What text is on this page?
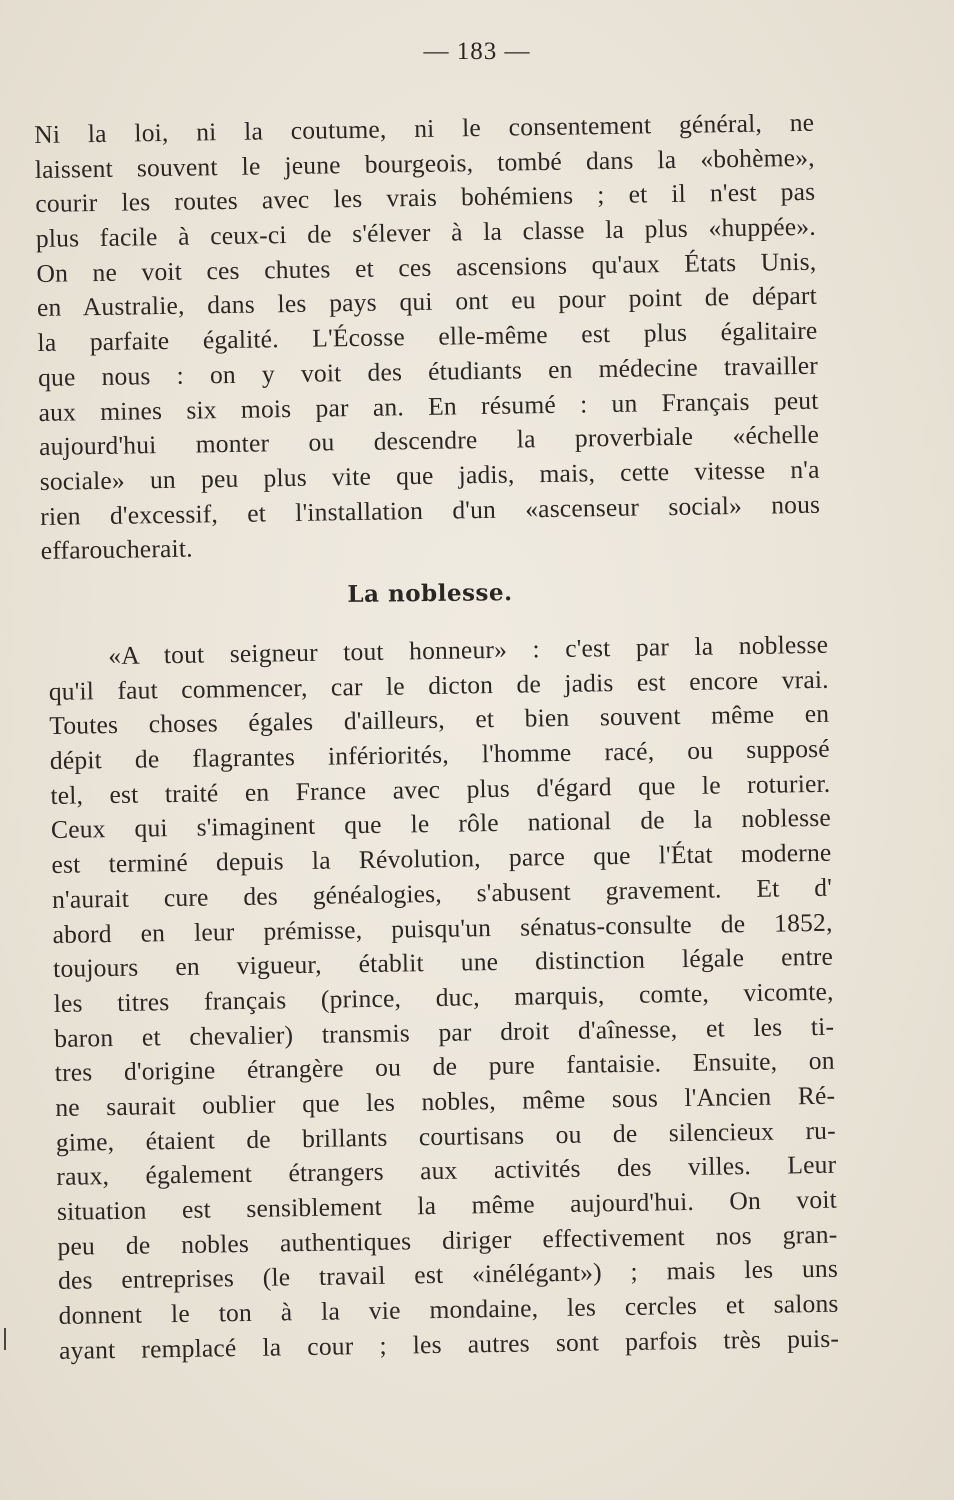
— 183 —
Ni la loi, ni la coutume, ni le consentement général, ne
laissent souvent le jeune bourgeois, tombé dans la «bohème»,
courir les routes avec les vrais bohémiens ; et il n'est pas
plus facile à ceux-ci de s'élever à la classe la plus «huppée».
On ne voit ces chutes et ces ascensions qu'aux États Unis,
en Australie, dans les pays qui ont eu pour point de départ
la parfaite égalité. L'Écosse elle-même est plus égalitaire
que nous : on y voit des étudiants en médecine travailler
aux mines six mois par an. En résumé : un Français peut
aujourd'hui monter ou descendre la proverbiale «échelle
sociale» un peu plus vite que jadis, mais, cette vitesse n'a
rien d'excessif, et l'installation d'un «ascenseur social» nous
effaroucherait.
La noblesse.
«A tout seigneur tout honneur» : c'est par la noblesse
qu'il faut commencer, car le dicton de jadis est encore vrai.
Toutes choses égales d'ailleurs, et bien souvent même en
dépit de flagrantes infériorités, l'homme racé, ou supposé
tel, est traité en France avec plus d'égard que le roturier.
Ceux qui s'imaginent que le rôle national de la noblesse
est terminé depuis la Révolution, parce que l'État moderne
n'aurait cure des généalogies, s'abusent gravement. Et d'
abord en leur prémisse, puisqu'un sénatus-consulte de 1852,
toujours en vigueur, établit une distinction légale entre
les titres français (prince, duc, marquis, comte, vicomte,
baron et chevalier) transmis par droit d'aînesse, et les ti-
tres d'origine étrangère ou de pure fantaisie. Ensuite, on
ne saurait oublier que les nobles, même sous l'Ancien Ré-
gime, étaient de brillants courtisans ou de silencieux ru-
raux, également étrangers aux activités des villes. Leur
situation est sensiblement la même aujourd'hui. On voit
peu de nobles authentiques diriger effectivement nos gran-
des entreprises (le travail est «inélégant») ; mais les uns
donnent le ton à la vie mondaine, les cercles et salons
ayant remplacé la cour ; les autres sont parfois très puis-
